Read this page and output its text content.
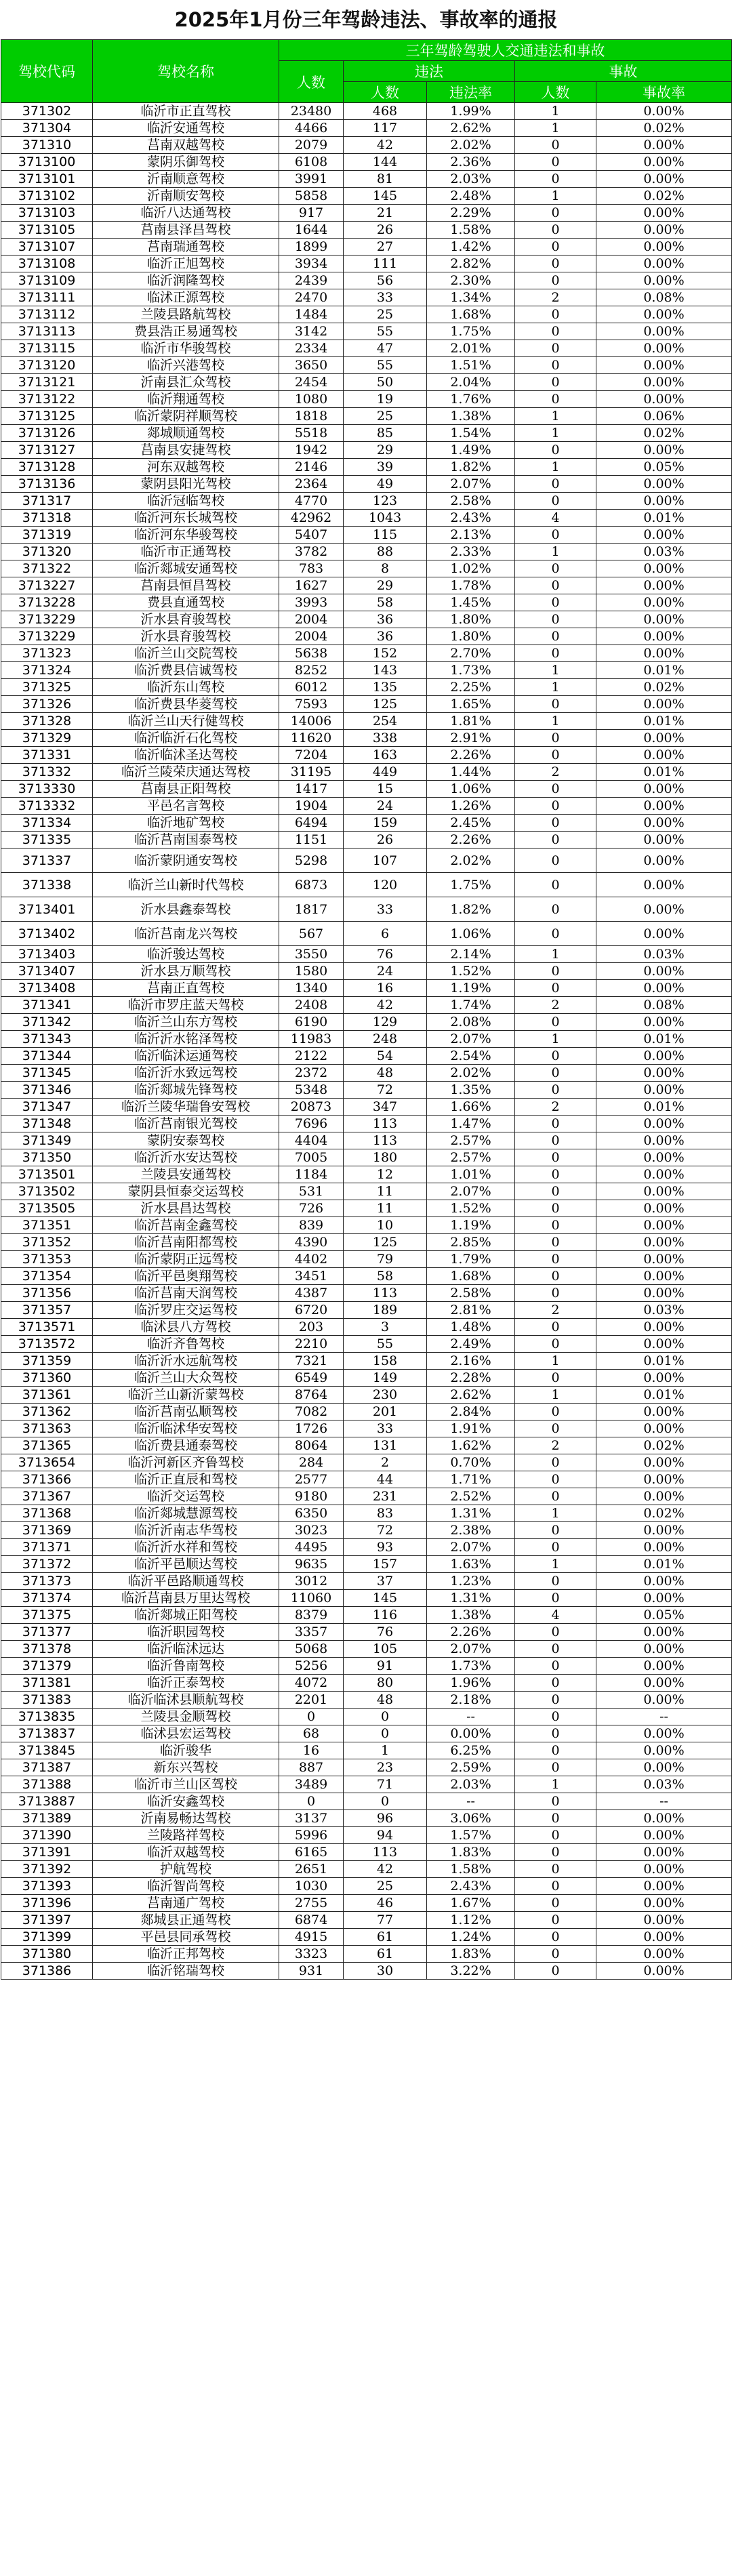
2025年1月份三年驾龄违法、事故率的通报
驾校代码	驾校名称	三年驾龄驾驶人交通违法和事故				
		人数	违法		事故	
			人数	违法率	人数	事故率
371302	临沂市正直驾校	23480	468	1.99%	1	0.00%
371304	临沂安通驾校	4466	117	2.62%	1	0.02%
371310	莒南双越驾校	2079	42	2.02%	0	0.00%
3713100	蒙阴乐御驾校	6108	144	2.36%	0	0.00%
3713101	沂南顺意驾校	3991	81	2.03%	0	0.00%
3713102	沂南顺安驾校	5858	145	2.48%	1	0.02%
3713103	临沂八达通驾校	917	21	2.29%	0	0.00%
3713105	莒南县泽昌驾校	1644	26	1.58%	0	0.00%
3713107	莒南瑞通驾校	1899	27	1.42%	0	0.00%
3713108	临沂正旭驾校	3934	111	2.82%	0	0.00%
3713109	临沂润隆驾校	2439	56	2.30%	0	0.00%
3713111	临沭正源驾校	2470	33	1.34%	2	0.08%
3713112	兰陵县路航驾校	1484	25	1.68%	0	0.00%
3713113	费县浩正易通驾校	3142	55	1.75%	0	0.00%
3713115	临沂市华骏驾校	2334	47	2.01%	0	0.00%
3713120	临沂兴港驾校	3650	55	1.51%	0	0.00%
3713121	沂南县汇众驾校	2454	50	2.04%	0	0.00%
3713122	临沂翔通驾校	1080	19	1.76%	0	0.00%
3713125	临沂蒙阴祥顺驾校	1818	25	1.38%	1	0.06%
3713126	郯城顺通驾校	5518	85	1.54%	1	0.02%
3713127	莒南县安捷驾校	1942	29	1.49%	0	0.00%
3713128	河东双越驾校	2146	39	1.82%	1	0.05%
3713136	蒙阴县阳光驾校	2364	49	2.07%	0	0.00%
371317	临沂冠临驾校	4770	123	2.58%	0	0.00%
371318	临沂河东长城驾校	42962	1043	2.43%	4	0.01%
371319	临沂河东华骏驾校	5407	115	2.13%	0	0.00%
371320	临沂市正通驾校	3782	88	2.33%	1	0.03%
371322	临沂郯城安通驾校	783	8	1.02%	0	0.00%
3713227	莒南县恒昌驾校	1627	29	1.78%	0	0.00%
3713228	费县直通驾校	3993	58	1.45%	0	0.00%
3713229	沂水县育骏驾校	2004	36	1.80%	0	0.00%
3713229	沂水县育骏驾校	2004	36	1.80%	0	0.00%
371323	临沂兰山交院驾校	5638	152	2.70%	0	0.00%
371324	临沂费县信诚驾校	8252	143	1.73%	1	0.01%
371325	临沂东山驾校	6012	135	2.25%	1	0.02%
371326	临沂费县华菱驾校	7593	125	1.65%	0	0.00%
371328	临沂兰山天行健驾校	14006	254	1.81%	1	0.01%
371329	临沂临沂石化驾校	11620	338	2.91%	0	0.00%
371331	临沂临沭圣达驾校	7204	163	2.26%	0	0.00%
371332	临沂兰陵荣庆通达驾校	31195	449	1.44%	2	0.01%
3713330	莒南县正阳驾校	1417	15	1.06%	0	0.00%
3713332	平邑名言驾校	1904	24	1.26%	0	0.00%
371334	临沂地矿驾校	6494	159	2.45%	0	0.00%
371335	临沂莒南国泰驾校	1151	26	2.26%	0	0.00%
371337	临沂蒙阴通安驾校	5298	107	2.02%	0	0.00%
371338	临沂兰山新时代驾校	6873	120	1.75%	0	0.00%
3713401	沂水县鑫泰驾校	1817	33	1.82%	0	0.00%
3713402	临沂莒南龙兴驾校	567	6	1.06%	0	0.00%
3713403	临沂骏达驾校	3550	76	2.14%	1	0.03%
3713407	沂水县万顺驾校	1580	24	1.52%	0	0.00%
3713408	莒南正直驾校	1340	16	1.19%	0	0.00%
371341	临沂市罗庄蓝天驾校	2408	42	1.74%	2	0.08%
371342	临沂兰山东方驾校	6190	129	2.08%	0	0.00%
371343	临沂沂水铭泽驾校	11983	248	2.07%	1	0.01%
371344	临沂临沭运通驾校	2122	54	2.54%	0	0.00%
371345	临沂沂水致远驾校	2372	48	2.02%	0	0.00%
371346	临沂郯城先锋驾校	5348	72	1.35%	0	0.00%
371347	临沂兰陵华瑞鲁安驾校	20873	347	1.66%	2	0.01%
371348	临沂莒南银光驾校	7696	113	1.47%	0	0.00%
371349	蒙阴安泰驾校	4404	113	2.57%	0	0.00%
371350	临沂沂水安达驾校	7005	180	2.57%	0	0.00%
3713501	兰陵县安通驾校	1184	12	1.01%	0	0.00%
3713502	蒙阴县恒泰交运驾校	531	11	2.07%	0	0.00%
3713505	沂水县昌达驾校	726	11	1.52%	0	0.00%
371351	临沂莒南金鑫驾校	839	10	1.19%	0	0.00%
371352	临沂莒南阳都驾校	4390	125	2.85%	0	0.00%
371353	临沂蒙阴正远驾校	4402	79	1.79%	0	0.00%
371354	临沂平邑奥翔驾校	3451	58	1.68%	0	0.00%
371356	临沂莒南天润驾校	4387	113	2.58%	0	0.00%
371357	临沂罗庄交运驾校	6720	189	2.81%	2	0.03%
3713571	临沭县八方驾校	203	3	1.48%	0	0.00%
3713572	临沂齐鲁驾校	2210	55	2.49%	0	0.00%
371359	临沂沂水远航驾校	7321	158	2.16%	1	0.01%
371360	临沂兰山大众驾校	6549	149	2.28%	0	0.00%
371361	临沂兰山新沂蒙驾校	8764	230	2.62%	1	0.01%
371362	临沂莒南弘顺驾校	7082	201	2.84%	0	0.00%
371363	临沂临沭华安驾校	1726	33	1.91%	0	0.00%
371365	临沂费县通泰驾校	8064	131	1.62%	2	0.02%
3713654	临沂河新区齐鲁驾校	284	2	0.70%	0	0.00%
371366	临沂正直辰和驾校	2577	44	1.71%	0	0.00%
371367	临沂交运驾校	9180	231	2.52%	0	0.00%
371368	临沂郯城慧源驾校	6350	83	1.31%	1	0.02%
371369	临沂沂南志华驾校	3023	72	2.38%	0	0.00%
371371	临沂沂水祥和驾校	4495	93	2.07%	0	0.00%
371372	临沂平邑顺达驾校	9635	157	1.63%	1	0.01%
371373	临沂平邑路顺通驾校	3012	37	1.23%	0	0.00%
371374	临沂莒南县万里达驾校	11060	145	1.31%	0	0.00%
371375	临沂郯城正阳驾校	8379	116	1.38%	4	0.05%
371377	临沂职园驾校	3357	76	2.26%	0	0.00%
371378	临沂临沭远达	5068	105	2.07%	0	0.00%
371379	临沂鲁南驾校	5256	91	1.73%	0	0.00%
371381	临沂正泰驾校	4072	80	1.96%	0	0.00%
371383	临沂临沭县顺航驾校	2201	48	2.18%	0	0.00%
3713835	兰陵县金顺驾校	0	0	--	0	--
3713837	临沭县宏运驾校	68	0	0.00%	0	0.00%
3713845	临沂骏华	16	1	6.25%	0	0.00%
371387	新东兴驾校	887	23	2.59%	0	0.00%
371388	临沂市兰山区驾校	3489	71	2.03%	1	0.03%
3713887	临沂安鑫驾校	0	0	--	0	--
371389	沂南易畅达驾校	3137	96	3.06%	0	0.00%
371390	兰陵路祥驾校	5996	94	1.57%	0	0.00%
371391	临沂双越驾校	6165	113	1.83%	0	0.00%
371392	护航驾校	2651	42	1.58%	0	0.00%
371393	临沂智尚驾校	1030	25	2.43%	0	0.00%
371396	莒南通广驾校	2755	46	1.67%	0	0.00%
371397	郯城县正通驾校	6874	77	1.12%	0	0.00%
371399	平邑县同承驾校	4915	61	1.24%	0	0.00%
371380	临沂正邦驾校	3323	61	1.83%	0	0.00%
371386	临沂铭瑞驾校	931	30	3.22%	0	0.00%
